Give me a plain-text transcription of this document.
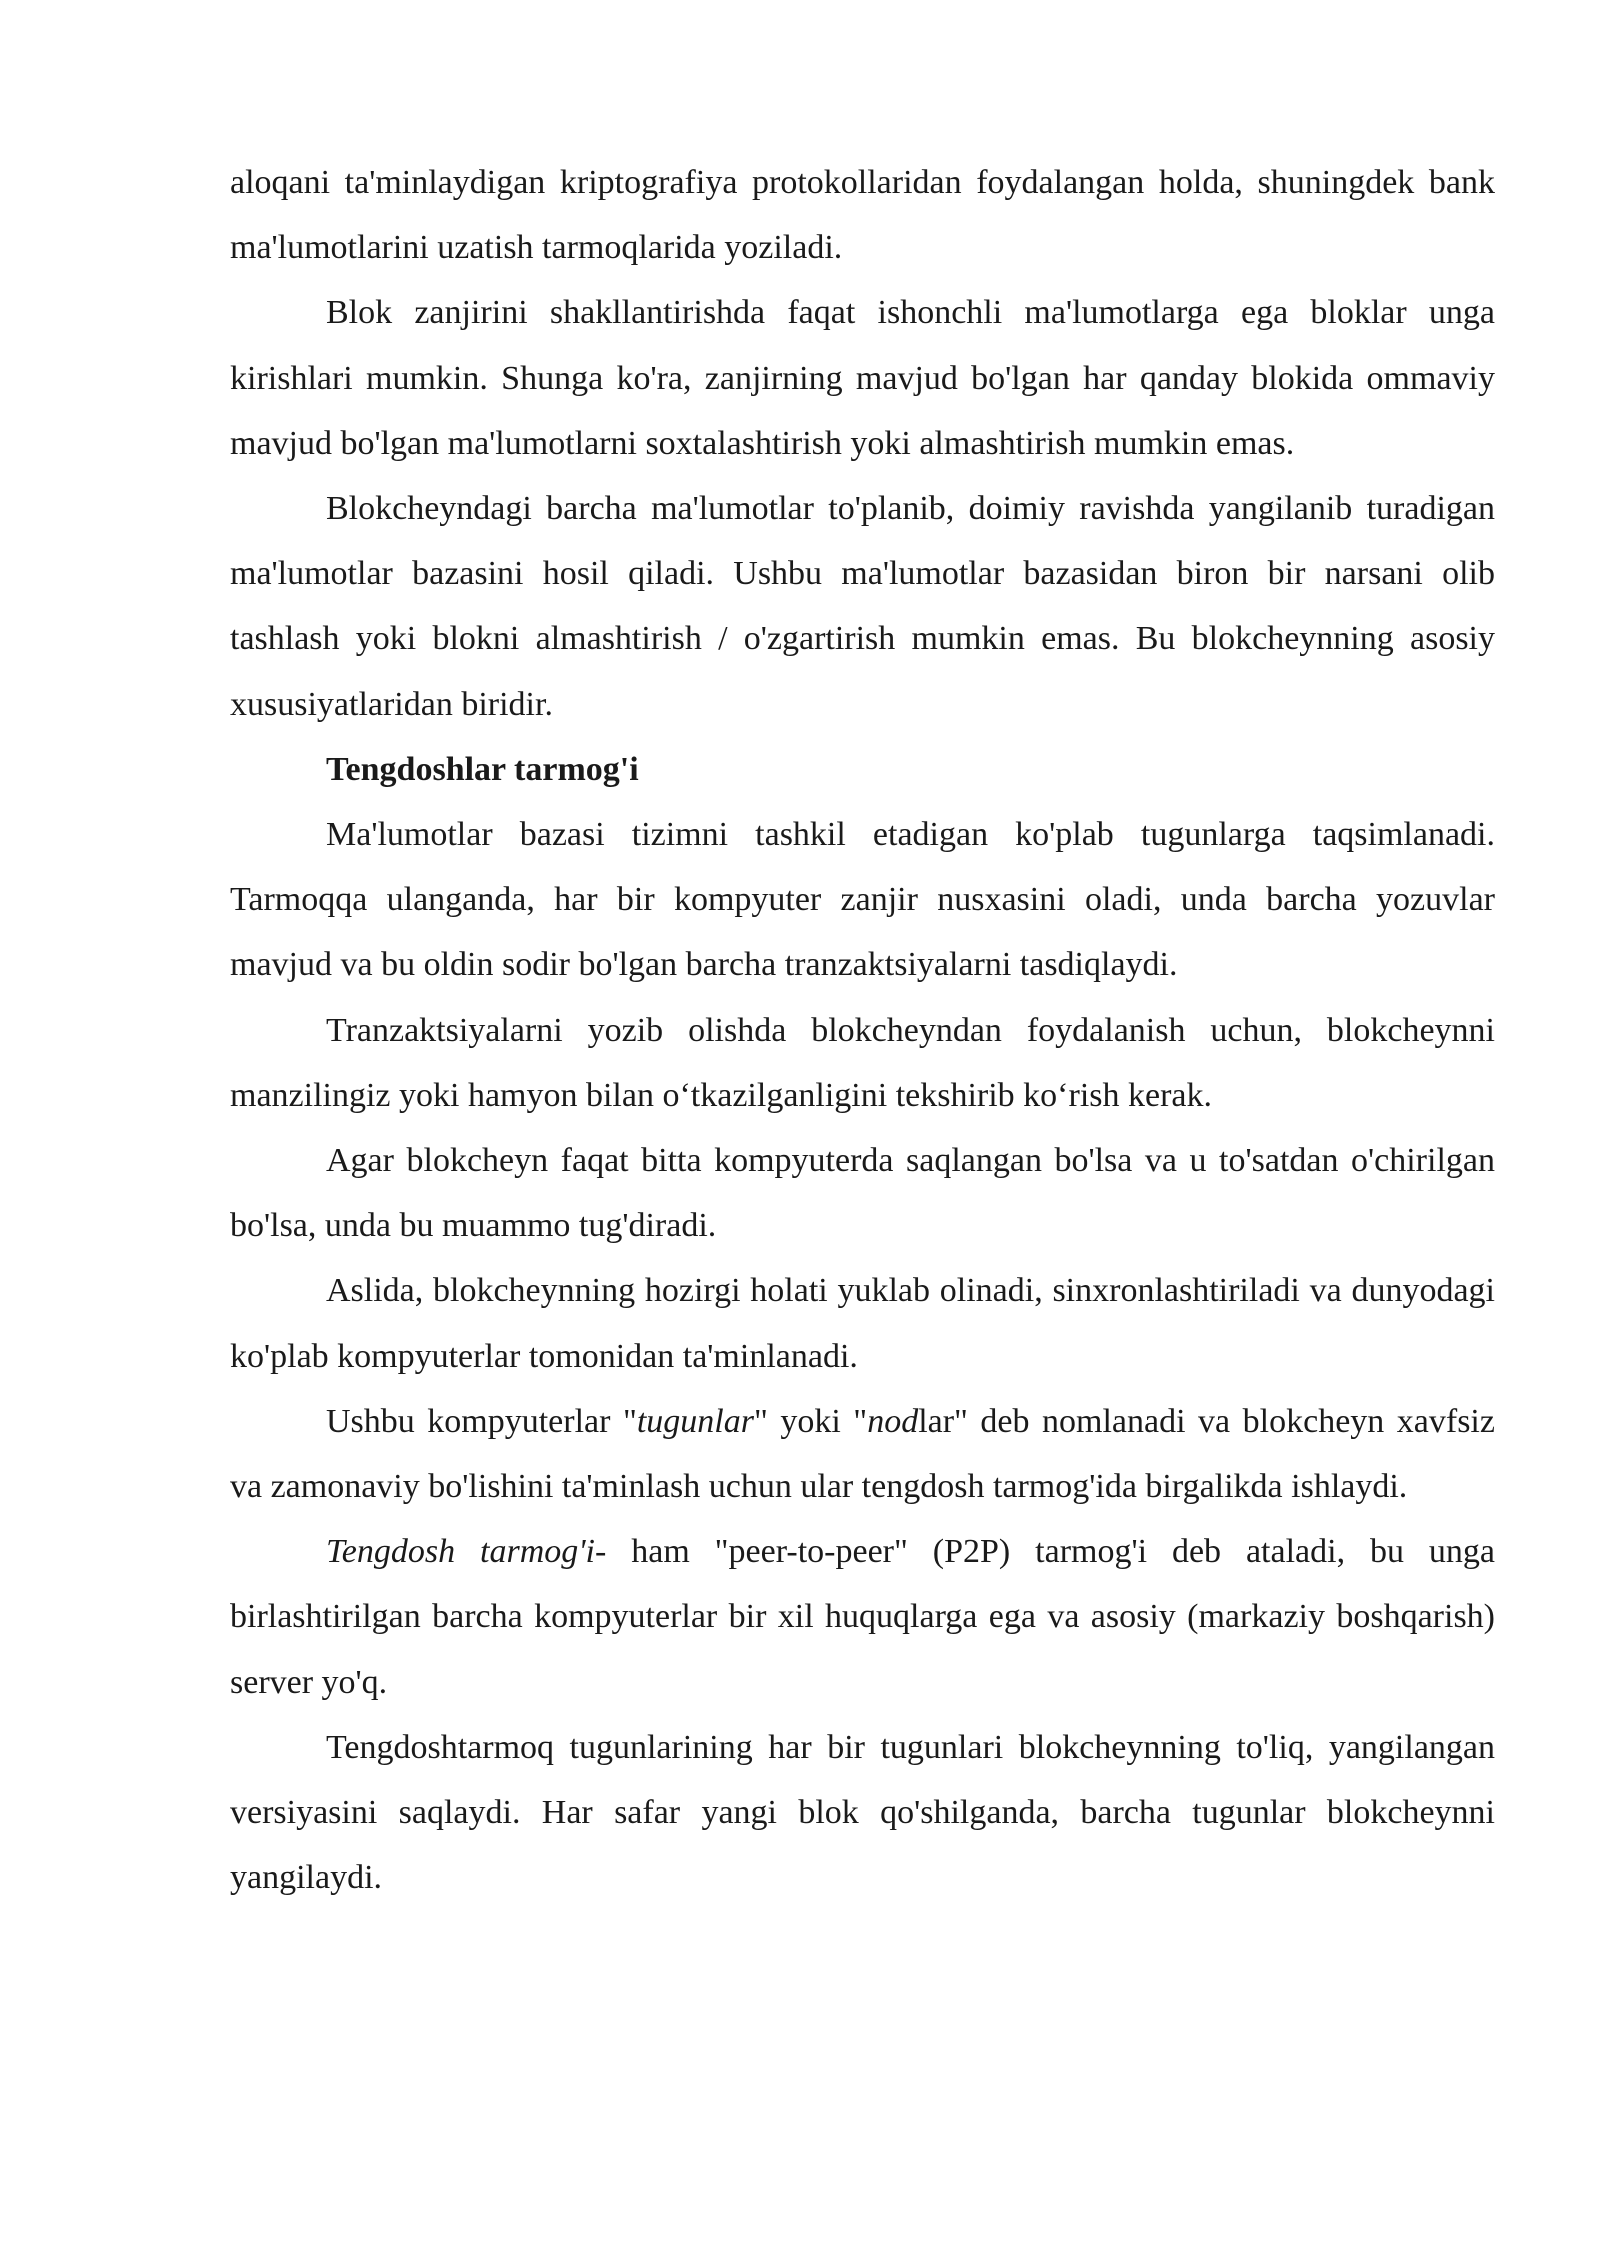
aloqani ta'minlaydigan kriptografiya protokollaridan foydalangan holda, shuningdek bank ma'lumotlarini uzatish tarmoqlarida yoziladi.

Blok zanjirini shakllantirishda faqat ishonchli ma'lumotlarga ega bloklar unga kirishlari mumkin. Shunga ko'ra, zanjirning mavjud bo'lgan har qanday blokida ommaviy mavjud bo'lgan ma'lumotlarni soxtalashtirish yoki almashtirish mumkin emas.

Blokcheyndagi barcha ma'lumotlar to'planib, doimiy ravishda yangilanib turadigan ma'lumotlar bazasini hosil qiladi. Ushbu ma'lumotlar bazasidan biron bir narsani olib tashlash yoki blokni almashtirish / o'zgartirish mumkin emas. Bu blokcheynning asosiy xususiyatlaridan biridir.

Tengdoshlar tarmog'i

Ma'lumotlar bazasi tizimni tashkil etadigan ko'plab tugunlarga taqsimlanadi. Tarmoqqa ulanganda, har bir kompyuter zanjir nusxasini oladi, unda barcha yozuvlar mavjud va bu oldin sodir bo'lgan barcha tranzaktsiyalarni tasdiqlaydi.

Tranzaktsiyalarni yozib olishda blokcheyndan foydalanish uchun, blokcheynni manzilingiz yoki hamyon bilan o‘tkazilganligini tekshirib ko‘rish kerak.

Agar blokcheyn faqat bitta kompyuterda saqlangan bo'lsa va u to'satdan o'chirilgan bo'lsa, unda bu muammo tug'diradi.

Aslida, blokcheynning hozirgi holati yuklab olinadi, sinxronlashtiriladi va dunyodagi ko'plab kompyuterlar tomonidan ta'minlanadi.

Ushbu kompyuterlar "tugunlar" yoki "nodlar" deb nomlanadi va blokcheyn xavfsiz va zamonaviy bo'lishini ta'minlash uchun ular tengdosh tarmog'ida birgalikda ishlaydi.

Tengdosh tarmog'i- ham "peer-to-peer" (P2P) tarmog'i deb ataladi, bu unga birlashtirilgan barcha kompyuterlar bir xil huquqlarga ega va asosiy (markaziy boshqarish) server yo'q.

Tengdoshtarmoq tugunlarining har bir tugunlari blokcheynning to'liq, yangilangan versiyasini saqlaydi. Har safar yangi blok qo'shilganda, barcha tugunlar blokcheynni yangilaydi.
